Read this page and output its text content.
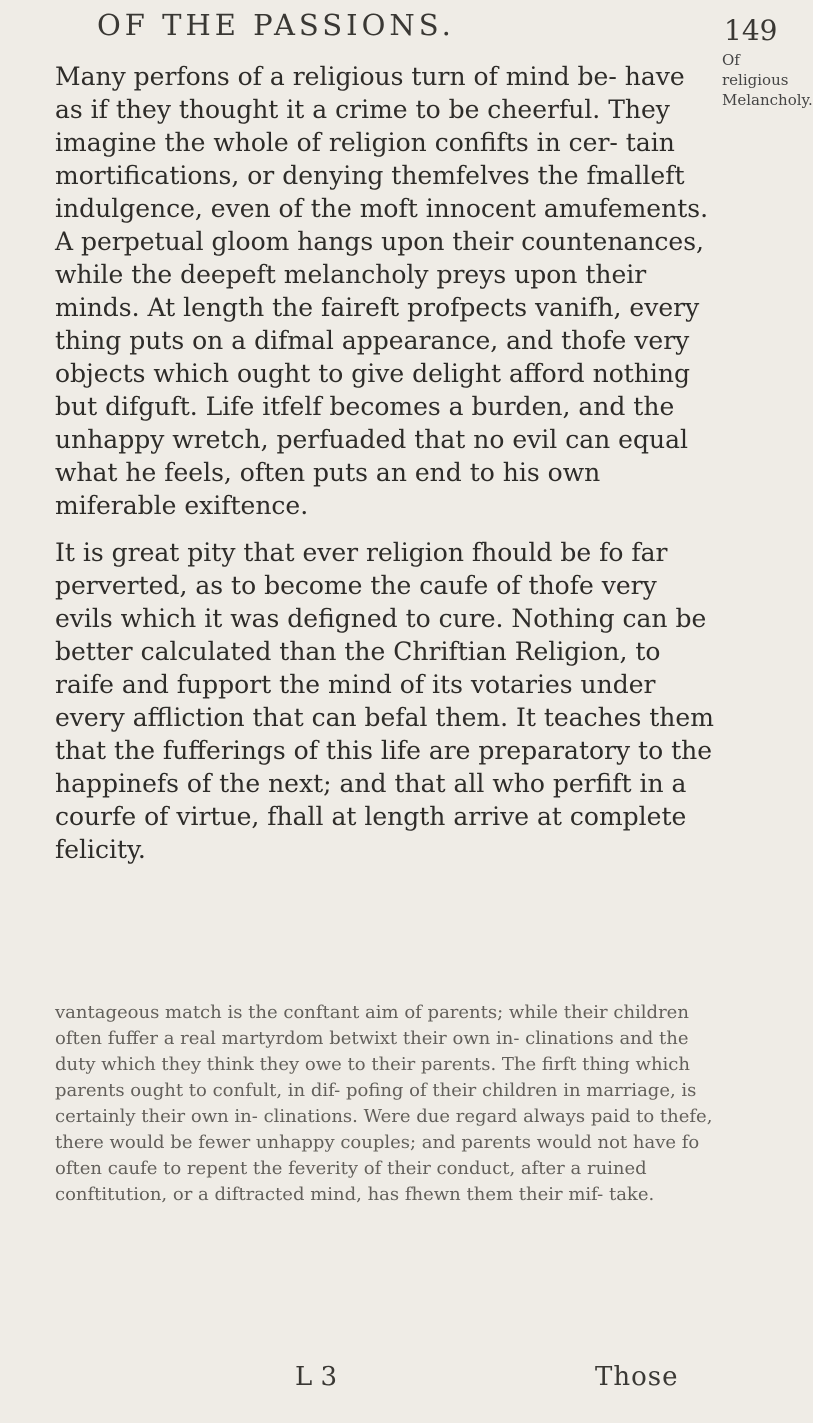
OF THE PASSIONS.	149
Of religious Melancholy.

Many perfons of a religious turn of mind be- have as if they thought it a crime to be cheerful. They imagine the whole of religion confifts in cer- tain mortifications, or denying themfelves the fmalleft indulgence, even of the moft innocent amufements. A perpetual gloom hangs upon their countenances, while the deepeft melancholy preys upon their minds. At length the faireft profpects vanifh, every thing puts on a difmal appearance, and thofe very objects which ought to give delight afford nothing but difguft. Life itfelf becomes a burden, and the unhappy wretch, perfuaded that no evil can equal what he feels, often puts an end to his own miferable exiftence.

It is great pity that ever religion fhould be fo far perverted, as to become the caufe of thofe very evils which it was defigned to cure. Nothing can be better calculated than the Chriftian Religion, to raife and fupport the mind of its votaries under every affliction that can befal them. It teaches them that the fufferings of this life are preparatory to the happinefs of the next; and that all who perfift in a courfe of virtue, fhall at length arrive at complete felicity.

vantageous match is the conftant aim of parents; while their children often fuffer a real martyrdom betwixt their own in- clinations and the duty which they think they owe to their parents. The firft thing which parents ought to confult, in dif- pofing of their children in marriage, is certainly their own in- clinations. Were due regard always paid to thefe, there would be fewer unhappy couples; and parents would not have fo often caufe to repent the feverity of their conduct, after a ruined conftitution, or a diftracted mind, has fhewn them their mif- take.
L 3	Those
